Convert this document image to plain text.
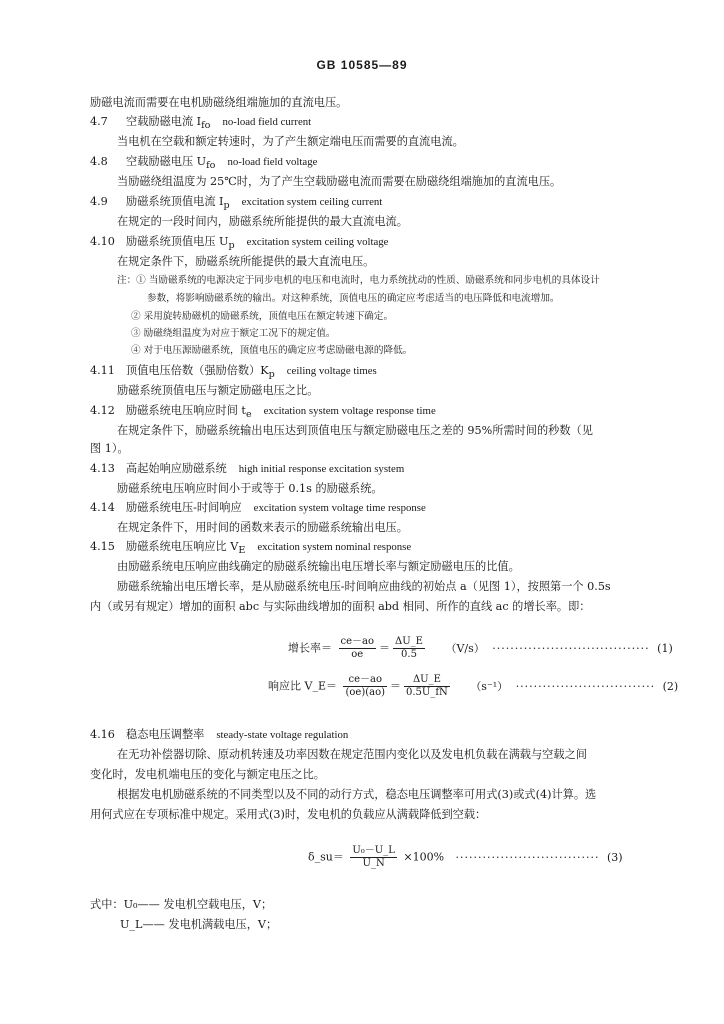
GB 10585—89
励磁电流而需要在电机励磁绕组端施加的直流电压。
4.7 空载励磁电流 $I_{fo}$ no-load field current
当电机在空载和额定转速时，为了产生额定端电压而需要的直流电流。
4.8 空载励磁电压 $U_{fo}$ no-load field voltage
当励磁绕组温度为 25℃时，为了产生空载励磁电流而需要在励磁绕组端施加的直流电压。
4.9 励磁系统顶值电流 $I_p$ excitation system ceiling current
在规定的一段时间内，励磁系统所能提供的最大直流电流。
4.10 励磁系统顶值电压 $U_p$ excitation system ceiling voltage
在规定条件下，励磁系统所能提供的最大直流电压。
注：① 当励磁系统的电源决定于同步电机的电压和电流时，电力系统扰动的性质、励磁系统和同步电机的具体设计
参数，将影响励磁系统的输出。对这种系统，顶值电压的确定应考虑适当的电压降低和电流增加。
② 采用旋转励磁机的励磁系统，顶值电压在额定转速下确定。
③ 励磁绕组温度为对应于额定工况下的规定值。
④ 对于电压源励磁系统，顶值电压的确定应考虑励磁电源的降低。
4.11 顶值电压倍数（强励倍数）$K_p$ ceiling voltage times
励磁系统顶值电压与额定励磁电压之比。
4.12 励磁系统电压响应时间 $t_e$ excitation system voltage response time
在规定条件下，励磁系统输出电压达到顶值电压与额定励磁电压之差的 95%所需时间的秒数（见
图 1）。
4.13 高起始响应励磁系统 high initial response excitation system
励磁系统电压响应时间小于或等于 0.1s 的励磁系统。
4.14 励磁系统电压-时间响应 excitation system voltage time response
在规定条件下，用时间的函数来表示的励磁系统输出电压。
4.15 励磁系统电压响应比 $V_E$ excitation system nominal response
由励磁系统电压响应曲线确定的励磁系统输出电压增长率与额定励磁电压的比值。
励磁系统输出电压增长率，是从励磁系统电压-时间响应曲线的初始点 a（见图 1），按照第一个 0.5s
内（或另有规定）增加的面积 abc 与实际曲线增加的面积 abd 相同、所作的直线 ac 的增长率。即：
增长率＝ $\frac{ce-ao}{oe} = \frac{\Delta U\_E}{0.5} (V/s)$ ··································· (1)
响应比 V_E＝ $\frac{ce-ao}{(oe)(ao)} = \frac{\Delta U\_E}{0.5U\_fN} (s^{-1})$ ······························· (2)
4.16 稳态电压调整率 steady-state voltage regulation
在无功补偿器切除、原动机转速及功率因数在规定范围内变化以及发电机负载在满载与空载之间
变化时，发电机端电压的变化与额定电压之比。
根据发电机励磁系统的不同类型以及不同的动行方式，稳态电压调整率可用式(3)或式(4)计算。选
用何式应在专项标准中规定。采用式(3)时，发电机的负载应从满载降低到空载：
δ_su＝ $\frac{\text{U₀－U\_L}}{U\_N} \times 100\%$ ································ (3)
式中：U₀—— 发电机空载电压，V；
U_L—— 发电机满载电压，V；
